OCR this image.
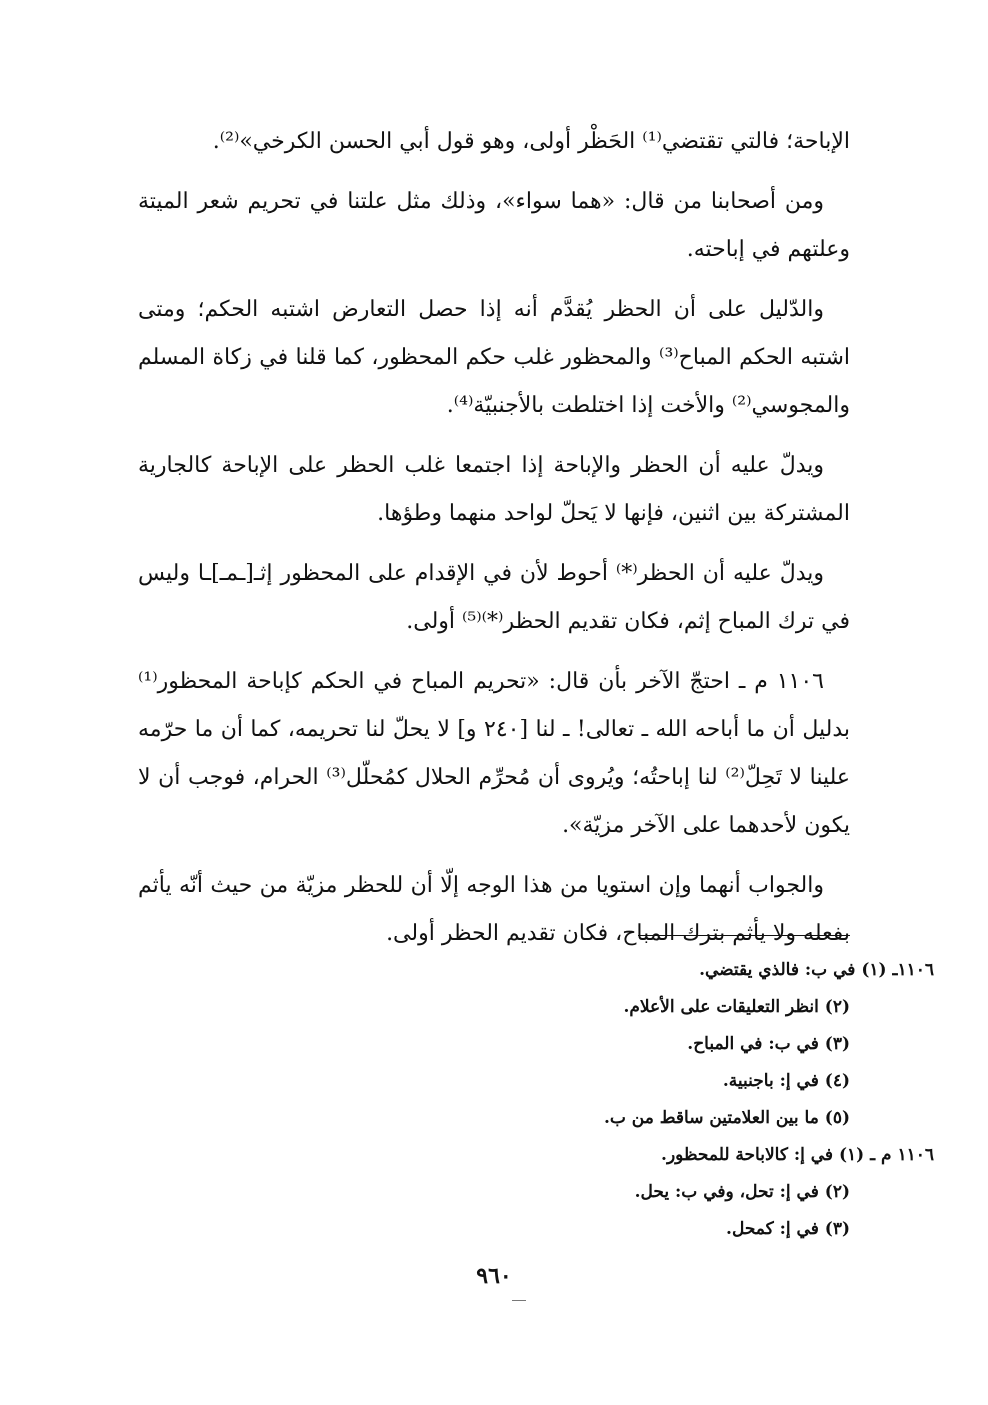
الإباحة؛ فالتي تقتضي⁽¹⁾ الحَظْر أولى، وهو قول أبي الحسن الكرخي»⁽²⁾.

ومن أصحابنا من قال: «هما سواء»، وذلك مثل علتنا في تحريم شعر الميتة وعلتهم في إباحته.

والدّليل على أن الحظر يُقدَّم أنه إذا حصل التعارض اشتبه الحكم؛ ومتى اشتبه الحكم المباح⁽³⁾ والمحظور غلب حكم المحظور، كما قلنا في زكاة المسلم والمجوسي⁽²⁾ والأخت إذا اختلطت بالأجنبيّة⁽⁴⁾.

ويدلّ عليه أن الحظر والإباحة إذا اجتمعا غلب الحظر على الإباحة كالجارية المشتركة بين اثنين، فإنها لا يَحلّ لواحد منهما وطؤها.

ويدلّ عليه أن الحظر⁽*⁾ أحوط لأن في الإقدام على المحظور إثـ[ـمـ]ـا وليس في ترك المباح إثم، فكان تقديم الحظر⁽*⁾⁽⁵⁾ أولى.

١١٠٦ م ـ احتجّ الآخر بأن قال: «تحريم المباح في الحكم كإباحة المحظور⁽¹⁾ بدليل أن ما أباحه الله ـ تعالى! ـ لنا [٢٤٠ و] لا يحلّ لنا تحريمه، كما أن ما حرّمه علينا لا تَحِلّ⁽²⁾ لنا إباحتُه؛ ويُروى أن مُحرِّم الحلال كمُحلّل⁽³⁾ الحرام، فوجب أن لا يكون لأحدهما على الآخر مزيّة».

والجواب أنهما وإن استويا من هذا الوجه إلّا أن للحظر مزيّة من حيث أنّه يأثم بفعله ولا يأثم بترك المباح، فكان تقديم الحظر أولى.

١١٠٦ـ (١) في ب: فالذي يقتضي.
(٢) انظر التعليقات على الأعلام.
(٣) في ب: في المباح.
(٤) في إ: باجنبية.
(٥) ما بين العلامتين ساقط من ب.
١١٠٦ م ـ (١) في إ: كالاباحة للمحظور.
(٢) في إ: تحل، وفي ب: يحل.
(٣) في إ: كمحل.
٩٦٠
